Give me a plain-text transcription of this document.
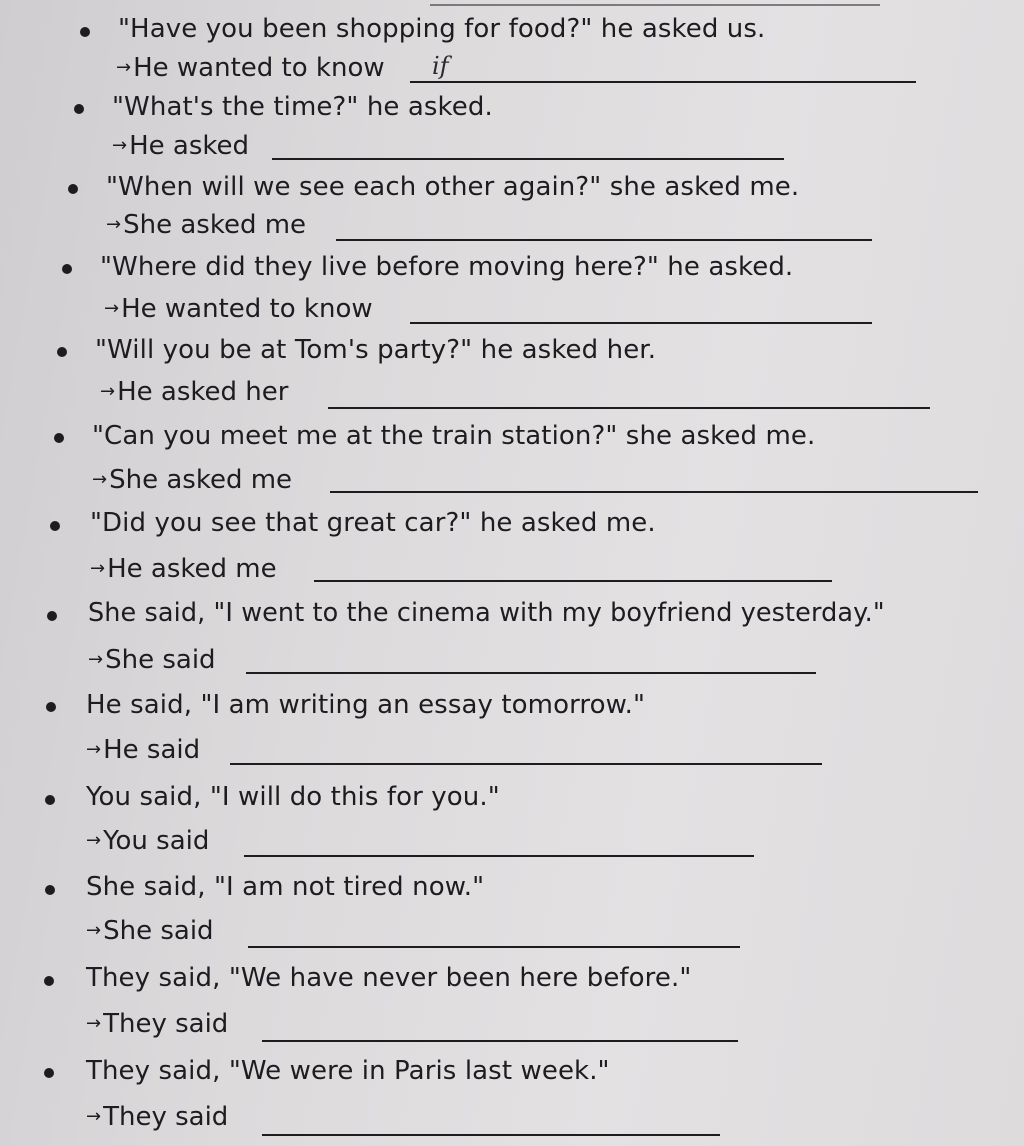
"Have you been shopping for food?" he asked us.
→He wanted to know if
"What's the time?" he asked.
→He asked
"When will we see each other again?" she asked me.
→She asked me
"Where did they live before moving here?" he asked.
→He wanted to know
"Will you be at Tom's party?" he asked her.
→He asked her
"Can you meet me at the train station?" she asked me.
→She asked me
"Did you see that great car?" he asked me.
→He asked me
She said, "I went to the cinema with my boyfriend yesterday."
→She said
He said, "I am writing an essay tomorrow."
→He said
You said, "I will do this for you."
→You said
She said, "I am not tired now."
→She said
They said, "We have never been here before."
→They said
They said, "We were in Paris last week."
→They said
